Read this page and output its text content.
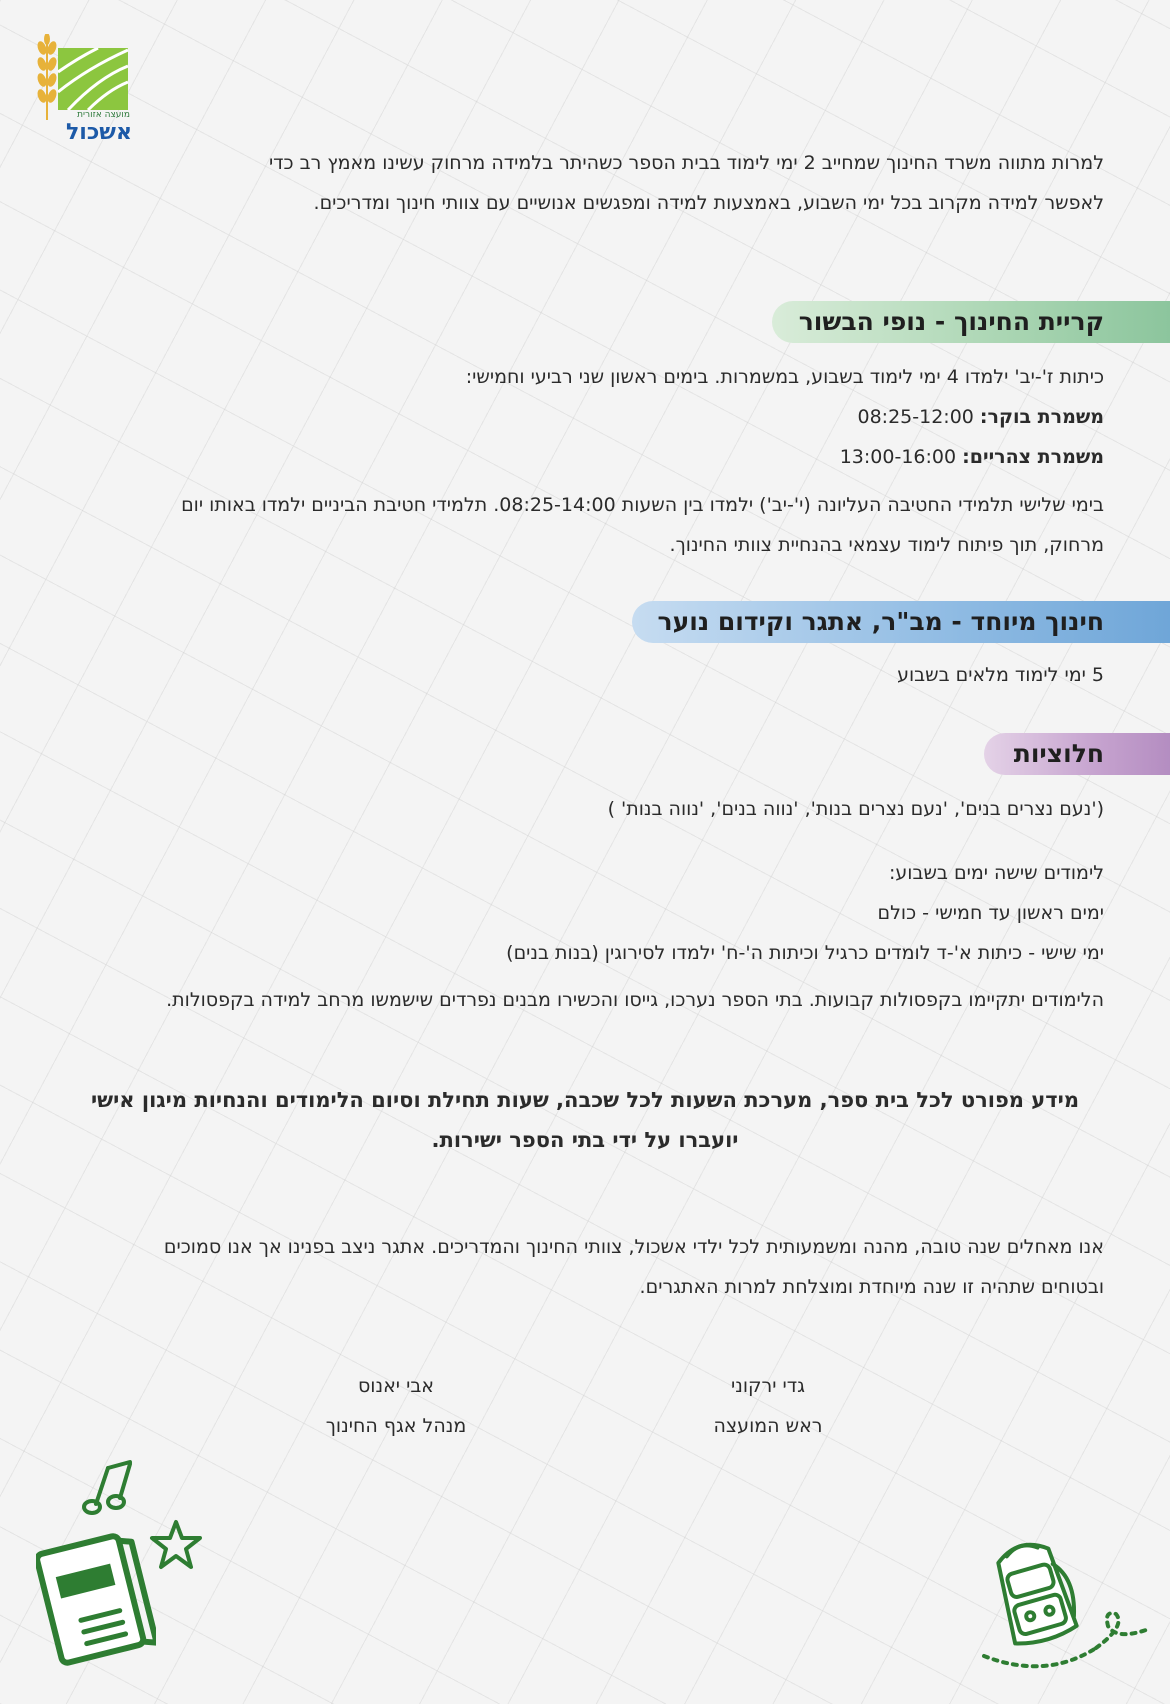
מועצה אזורית
אשכול
למרות מתווה משרד החינוך שמחייב 2 ימי לימוד בבית הספר כשהיתר בלמידה מרחוק עשינו מאמץ רב כדי לאפשר למידה מקרוב בכל ימי השבוע, באמצעות למידה ומפגשים אנושיים עם צוותי חינוך ומדריכים.
קריית החינוך - נופי הבשור
כיתות ז'-יב' ילמדו 4 ימי לימוד בשבוע, במשמרות. בימים ראשון שני רביעי וחמישי:
משמרת בוקר: 08:25-12:00
משמרת צהריים: 13:00-16:00
בימי שלישי תלמידי החטיבה העליונה (י'-יב') ילמדו בין השעות 08:25-14:00. תלמידי חטיבת הביניים ילמדו באותו יום מרחוק, תוך פיתוח לימוד עצמאי בהנחיית צוותי החינוך.
חינוך מיוחד - מב"ר, אתגר וקידום נוער
5 ימי לימוד מלאים בשבוע
חלוציות
('נעם נצרים בנים', 'נעם נצרים בנות', 'נווה בנים', 'נווה בנות' )
לימודים שישה ימים בשבוע:
ימים ראשון עד חמישי - כולם
ימי שישי - כיתות א'-ד לומדים כרגיל וכיתות ה'-ח' ילמדו לסירוגין (בנות בנים)
הלימודים יתקיימו בקפסולות קבועות. בתי הספר נערכו, גייסו והכשירו מבנים נפרדים שישמשו מרחב למידה בקפסולות.
מידע מפורט לכל בית ספר, מערכת השעות לכל שכבה, שעות תחילת וסיום הלימודים והנחיות מיגון אישי יועברו על ידי בתי הספר ישירות.
אנו מאחלים שנה טובה, מהנה ומשמעותית לכל ילדי אשכול, צוותי החינוך והמדריכים. אתגר ניצב בפנינו אך אנו סמוכים ובטוחים שתהיה זו שנה מיוחדת ומוצלחת למרות האתגרים.
גדי ירקוני
ראש המועצה
אבי יאנוס
מנהל אגף החינוך
